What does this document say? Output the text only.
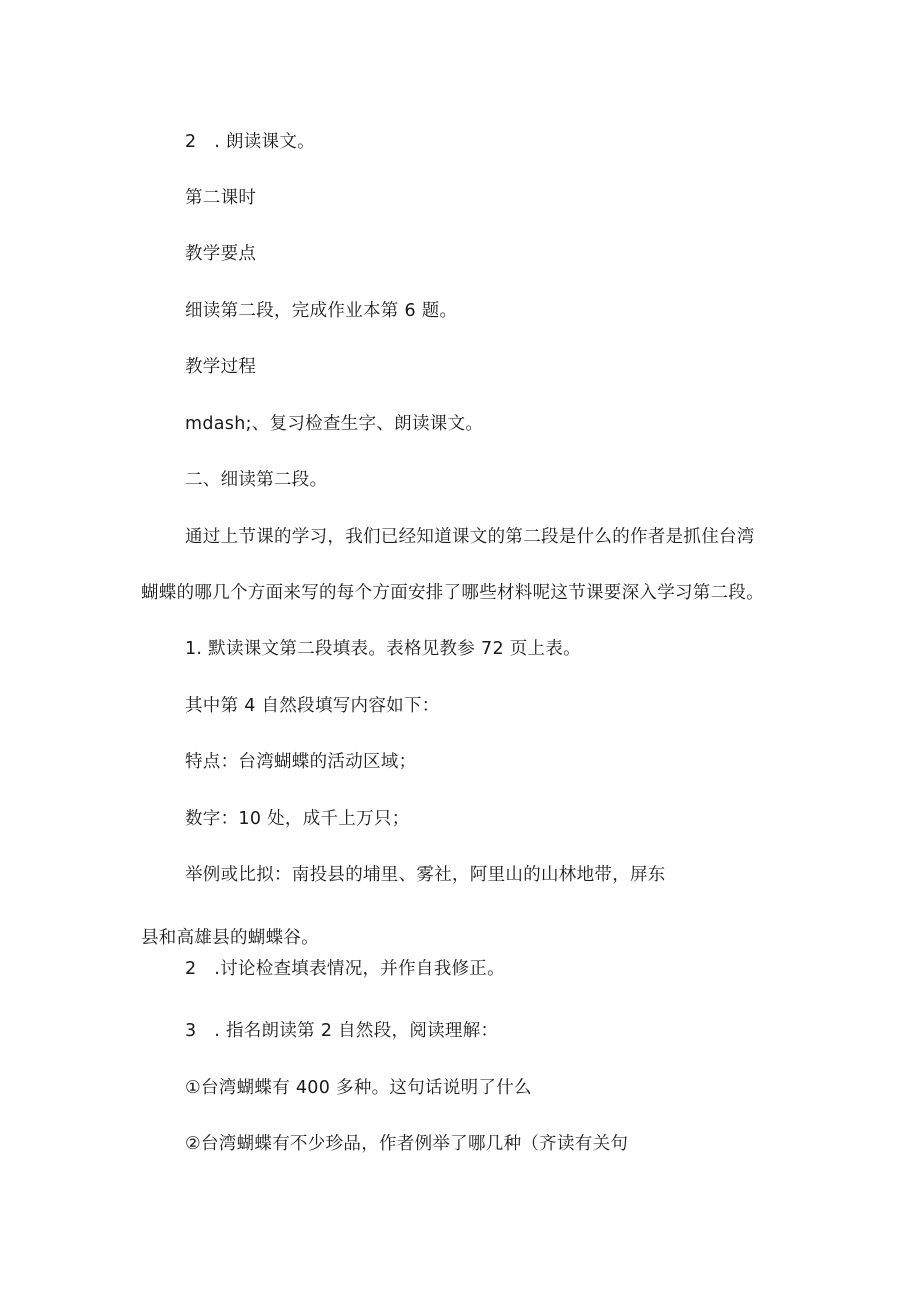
2　. 朗读课文。
第二课时
教学要点
细读第二段，完成作业本第 6 题。
教学过程
mdash;、复习检查生字、朗读课文。
二、细读第二段。
通过上节课的学习，我们已经知道课文的第二段是什么的作者是抓住台湾
蝴蝶的哪几个方面来写的每个方面安排了哪些材料呢这节课要深入学习第二段。
1. 默读课文第二段填表。表格见教参 72 页上表。
其中第 4 自然段填写内容如下：
特点：台湾蝴蝶的活动区域；
数字：10 处，成千上万只；
举例或比拟：南投县的埔里、雾社，阿里山的山林地带，屏东
县和高雄县的蝴蝶谷。
2　.讨论检查填表情况，并作自我修正。
3　. 指名朗读第 2 自然段，阅读理解：
①台湾蝴蝶有 400 多种。这句话说明了什么
②台湾蝴蝶有不少珍品，作者例举了哪几种（齐读有关句
